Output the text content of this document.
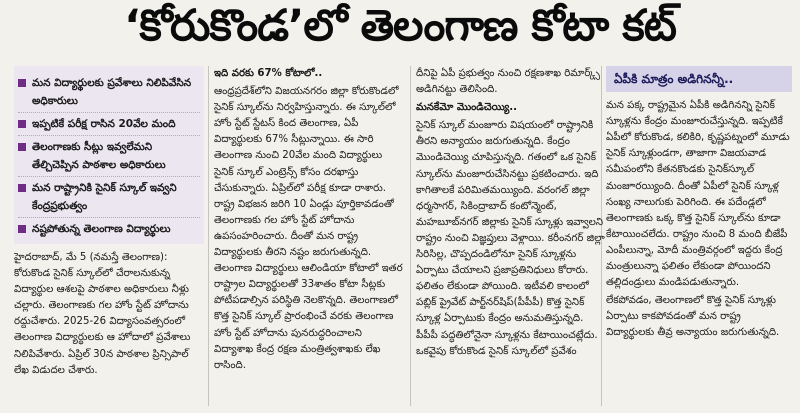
‘కోరుకొండ’లో తెలంగాణ కోటా కట్
మన విద్యార్థులకు ప్రవేశాలు నిలిపివేసిన అధికారులు
ఇప్పటికే పరీక్ష రాసిన 20వేల మంది
తెలంగాణకు సీట్లు ఇవ్వలేమని తేల్చిచెప్పిన పాఠశాల అధికారులు
మన రాష్ట్రానికి సైనిక్ స్కూల్ ఇవ్వని కేంద్రప్రభుత్వం
నష్టపోతున్న తెలంగాణ విద్యార్థులు

హైదరాబాద్, మే 5 (నమస్తే తెలంగాణ): కోరుకొండ సైనిక్ స్కూల్‌లో చేరాలనుకున్న విద్యార్థుల ఆశలపై పాఠశాల అధికారులు నీళ్లు చల్లారు. తెలంగాణకు గల హోం స్టేట్ హోదాను రద్దుచేశారు. 2025-26 విద్యాసంవత్సరంలో తెలంగాణ విద్యార్థులకు ఆ హోదాలో ప్రవేశాలు నిలిపివేశారు. ఏప్రిల్ 30న పాఠశాల ప్రిన్సిపాల్ లేఖ విడుదల చేశారు.

ఇది వరకు 67% కోటాలో..

ఆంధ్రప్రదేశ్‌లోని విజయనగరం జిల్లా కోరుకొండలో సైనిక్ స్కూల్‌ను నిర్వహిస్తున్నారు. ఈ స్కూల్‌లో హోం స్టేట్ స్టేటస్ కింద తెలంగాణ, ఏపీ విద్యార్థులకు 67% సీట్లున్నాయి. ఈ సారి తెలంగాణ నుంచి 20వేల మంది విద్యార్థులు సైనిక్ స్కూల్ ఎంట్రెన్స్ కోసం దరఖాస్తు చేసుకున్నారు. ఏప్రిల్‌లో పరీక్ష కూడా రాశారు. రాష్ట్ర విభజన జరిగి 10 ఏండ్లు పూర్తికావడంతో తెలంగాణకు గల హోం స్టేట్ హోదాను ఉపసంహరించారు. దీంతో మన రాష్ట్ర విద్యార్థులకు తీరని నష్టం జరుగుతున్నది. తెలంగాణ విద్యార్థులు ఆలిండియా కోటాలో ఇతర రాష్ట్రాల విద్యార్థులతో 33శాతం కోటా సీట్లకు పోటీపడాల్సిన పరిస్థితి నెలకొన్నది. తెలంగాణలో కొత్త సైనిక్ స్కూల్ ప్రారంభించే వరకు తెలంగాణ హోం స్టేట్ హోదాను పునరుద్ధరించాలని విద్యాశాఖ కేంద్ర రక్షణ మంత్రిత్వశాఖకు లేఖ రాసింది.

దీనిపై ఏపీ ప్రభుత్వం నుంచి రక్షణశాఖ రిమార్క్స్ అడిగినట్టు తెలిసింది.

మనకేమో మొండిచెయ్యి..

సైనిక్ స్కూల్ మంజూరు విషయంలో రాష్ట్రానికి తీరని అన్యాయం జరుగుతున్నది. కేంద్రం మొండిచెయ్యి చూపిస్తున్నది. గతంలో ఒక సైనిక్ స్కూల్‌ను మంజూరుచేసినట్టు ప్రకటించారు. ఇది కాగితాలకే పరిమితమయ్యింది. వరంగల్ జిల్లా ధర్మసాగర్, సికింద్రాబాద్ కంటోన్మెంట్, మహబూబ్‌నగర్ జిల్లాకు సైనిక్ స్కూళ్లు ఇవ్వాలని రాష్ట్రం నుంచి విజ్ఞప్తులు వెళ్లాయి. కరీంనగర్ జిల్లా సిరిసిల్ల, చొప్పదండిలోనూ సైనిక్ స్కూళ్లను ఏర్పాటు చేయాలని ప్రజాప్రతినిధులు కోరారు. ఫలితం లేకుండా పోయింది. ఇటీవలి కాలంలో పబ్లిక్ ప్రైవేట్ పార్ట్‌నర్‌షిప్(పీపీపీ) కొత్త సైనిక్ స్కూళ్ల ఏర్పాటుకు కేంద్రం అనుమతిస్తున్నది. పీపీపీ పద్ధతిలోనైనా స్కూళ్లను కేటాయించట్లేదు. ఒకవైపు కోరుకొండ సైనిక్ స్కూల్‌లో ప్రవేశం

ఏపీకి మాత్రం అడిగినన్నీ..

మన పక్క రాష్ట్రమైన ఏపీకి అడిగినన్ని సైనిక్ స్కూళ్లను కేంద్రం మంజూరుచేస్తున్నది. ఇప్పటికే ఏపీలో కోరుకొండ, కలికిరి, కృష్ణపట్నంలో మూడు సైనిక్ స్కూళ్లుండగా, తాజాగా విజయవాడ సమీపంలోని కేతనకొండకు సైనిక్‌స్కూల్ మంజూరయ్యింది. దీంతో ఏపీలో సైనిక్ స్కూళ్ల సంఖ్య నాలుగుకు పెరిగింది. ఈ పదేండ్లలో తెలంగాణకు ఒక్క కొత్త సైనిక్ స్కూల్‌ను కూడా కేటాయించలేదు. రాష్ట్రం నుంచి 8 మంది బీజేపీ ఎంపీలున్నా, మోదీ మంత్రివర్గంలో ఇద్దరు కేంద్ర మంత్రులున్నా ఫలితం లేకుండా పోయిందని తల్లిదండ్రులు మండిపడుతున్నారు.

లేకపోవడం, తెలంగాణలో కొత్త సైనిక్ స్కూళ్లు ఏర్పాటు కాకపోవడంతో మన రాష్ట్ర విద్యార్థులకు తీవ్ర అన్యాయం జరుగుతున్నది.
